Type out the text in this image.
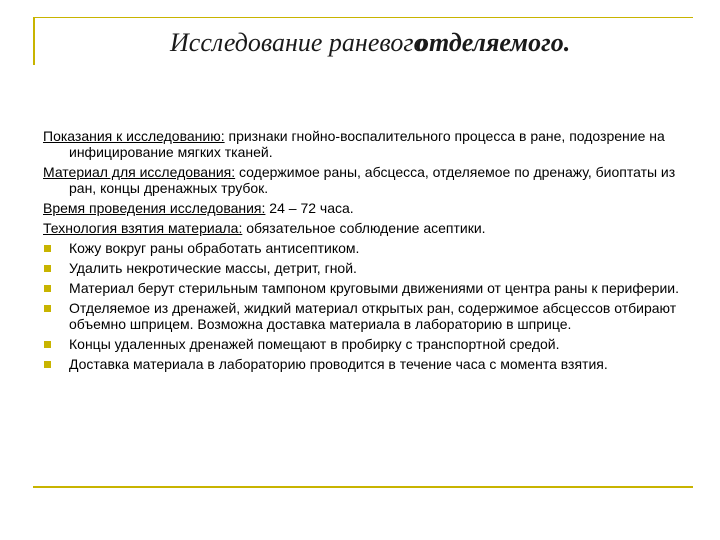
Исследование раневого
отделяемого.

Показания к исследованию: признаки гнойно-воспалительного процесса в ране, подозрение на инфицирование мягких тканей.

Материал для исследования: содержимое раны, абсцесса, отделяемое по дренажу, биоптаты из ран, концы дренажных трубок.

Время проведения исследования: 24 – 72 часа.

Технология взятия материала: обязательное соблюдение асептики.

Кожу вокруг раны обработать антисептиком.
Удалить некротические массы, детрит, гной.
Материал берут стерильным тампоном круговыми движениями от центра раны к периферии.
Отделяемое из дренажей, жидкий материал открытых ран, содержимое абсцессов отбирают объемно шприцем. Возможна доставка материала в лабораторию в шприце.
Концы удаленных дренажей помещают в пробирку с транспортной средой.
Доставка материала в лабораторию проводится в течение часа с момента взятия.
